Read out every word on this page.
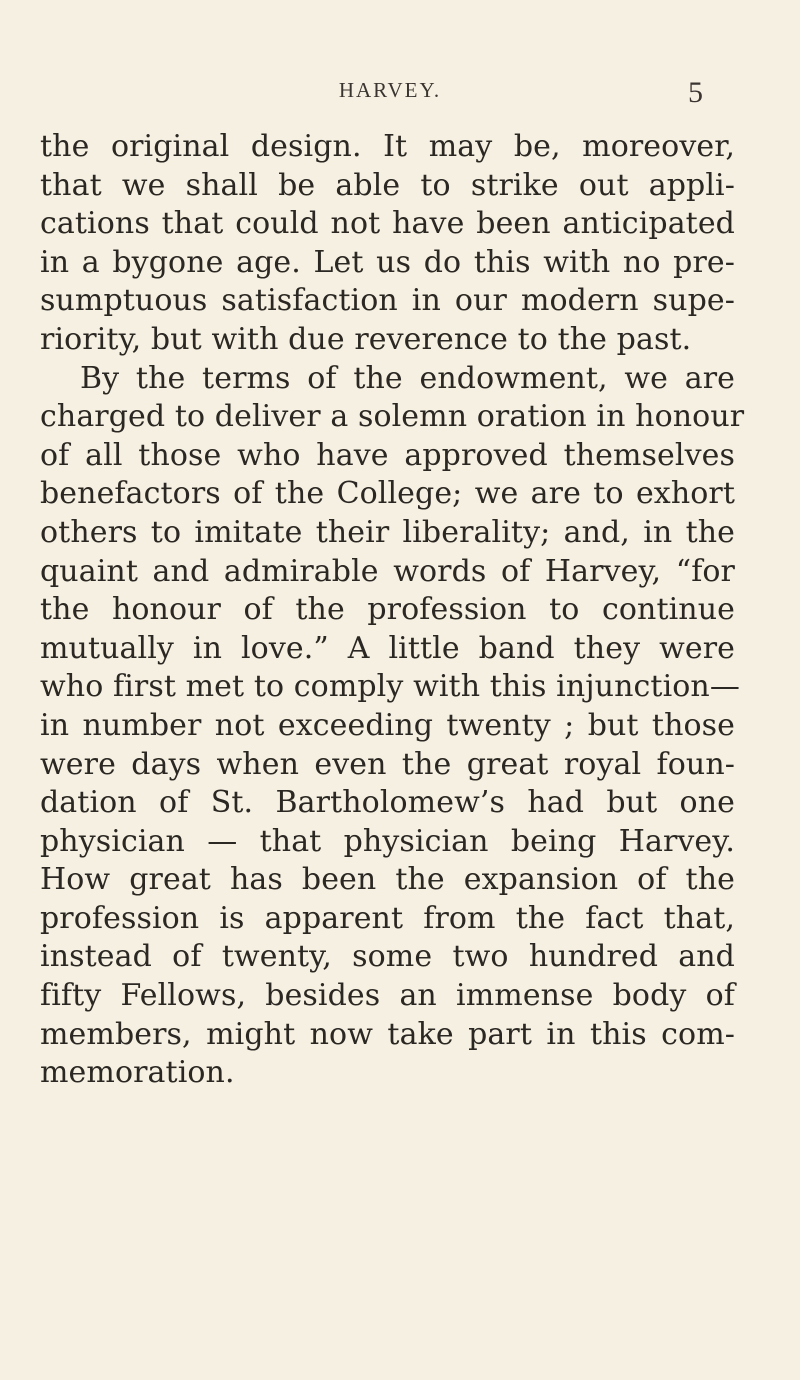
HARVEY.	5
the original design. It may be, moreover,
that we shall be able to strike out appli-
cations that could not have been anticipated
in a bygone age. Let us do this with no pre-
sumptuous satisfaction in our modern supe-
riority, but with due reverence to the past.
By the terms of the endowment, we are
charged to deliver a solemn oration in honour
of all those who have approved themselves
benefactors of the College; we are to exhort
others to imitate their liberality; and, in the
quaint and admirable words of Harvey, “for
the honour of the profession to continue
mutually in love.” A little band they were
who first met to comply with this injunction—
in number not exceeding twenty ; but those
were days when even the great royal foun-
dation of St. Bartholomew’s had but one
physician — that physician being Harvey.
How great has been the expansion of the
profession is apparent from the fact that,
instead of twenty, some two hundred and
fifty Fellows, besides an immense body of
members, might now take part in this com-
memoration.
